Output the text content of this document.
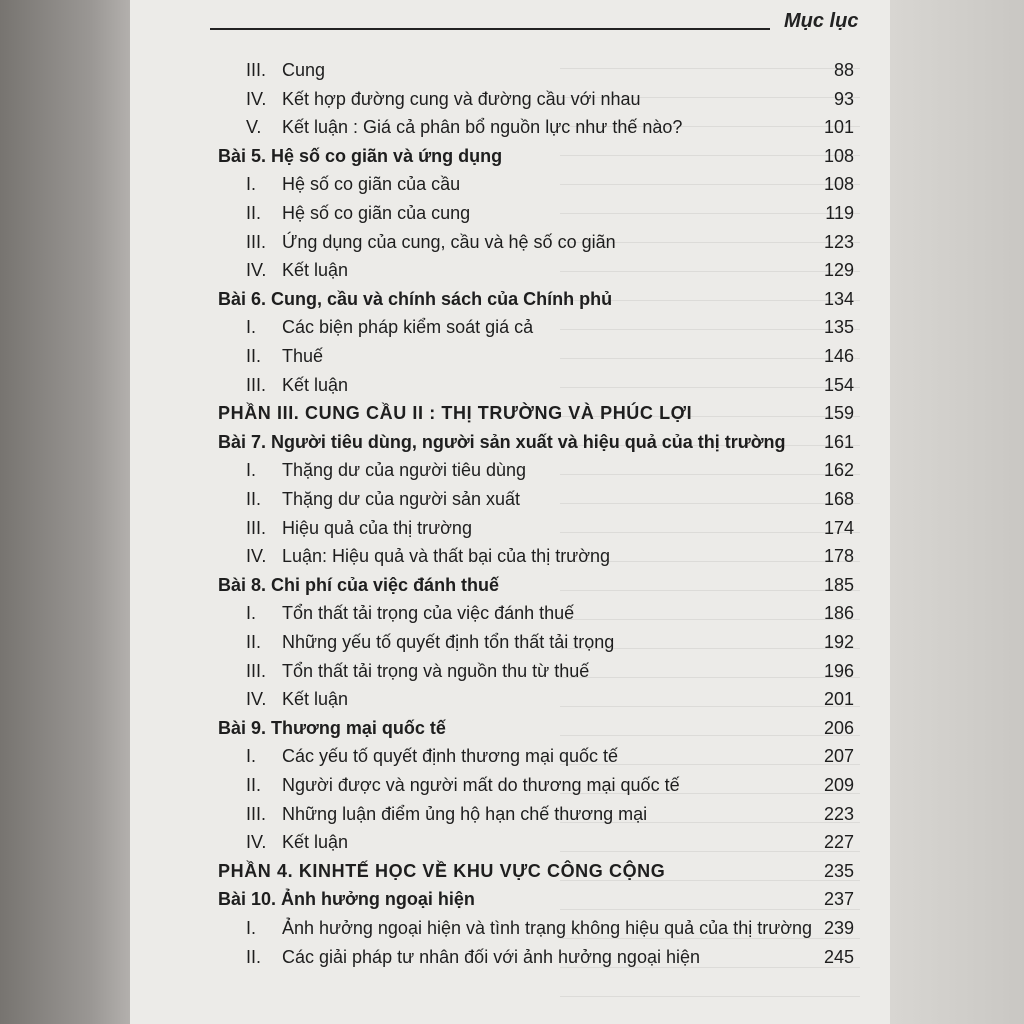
Mục lục
III. Cung	88
IV. Kết hợp đường cung và đường cầu với nhau	93
V. Kết luận : Giá cả phân bổ nguồn lực như thế nào?	101
Bài 5. Hệ số co giãn và ứng dụng	108
I. Hệ số co giãn của cầu	108
II. Hệ số co giãn của cung	119
III. Ứng dụng của cung, cầu và hệ số co giãn	123
IV. Kết luận	129
Bài 6. Cung, cầu và chính sách của Chính phủ	134
I. Các biện pháp kiểm soát giá cả	135
II. Thuế	146
III. Kết luận	154
PHẦN III. CUNG CẦU II : THỊ TRƯỜNG VÀ PHÚC LỢI	159
Bài 7. Người tiêu dùng, người sản xuất và hiệu quả của thị trường 161
I. Thặng dư của người tiêu dùng	162
II. Thặng dư của người sản xuất	168
III. Hiệu quả của thị trường	174
IV. Luận: Hiệu quả và thất bại của thị trường	178
Bài 8. Chi phí của việc đánh thuế	185
I. Tổn thất tải trọng của việc đánh thuế	186
II. Những yếu tố quyết định tổn thất tải trọng	192
III. Tổn thất tải trọng và nguồn thu từ thuế	196
IV. Kết luận	201
Bài 9. Thương mại quốc tế	206
I. Các yếu tố quyết định thương mại quốc tế	207
II. Người được và người mất do thương mại quốc tế	209
III. Những luận điểm ủng hộ hạn chế thương mại	223
IV. Kết luận	227
PHẦN 4. KINHTẾ HỌC VỀ KHU VỰC CÔNG CỘNG	235
Bài 10. Ảnh hưởng ngoại hiện	237
I. Ảnh hưởng ngoại hiện và tình trạng không hiệu quả của thị trường 239
II. Các giải pháp tư nhân đối với ảnh hưởng ngoại hiện	245
